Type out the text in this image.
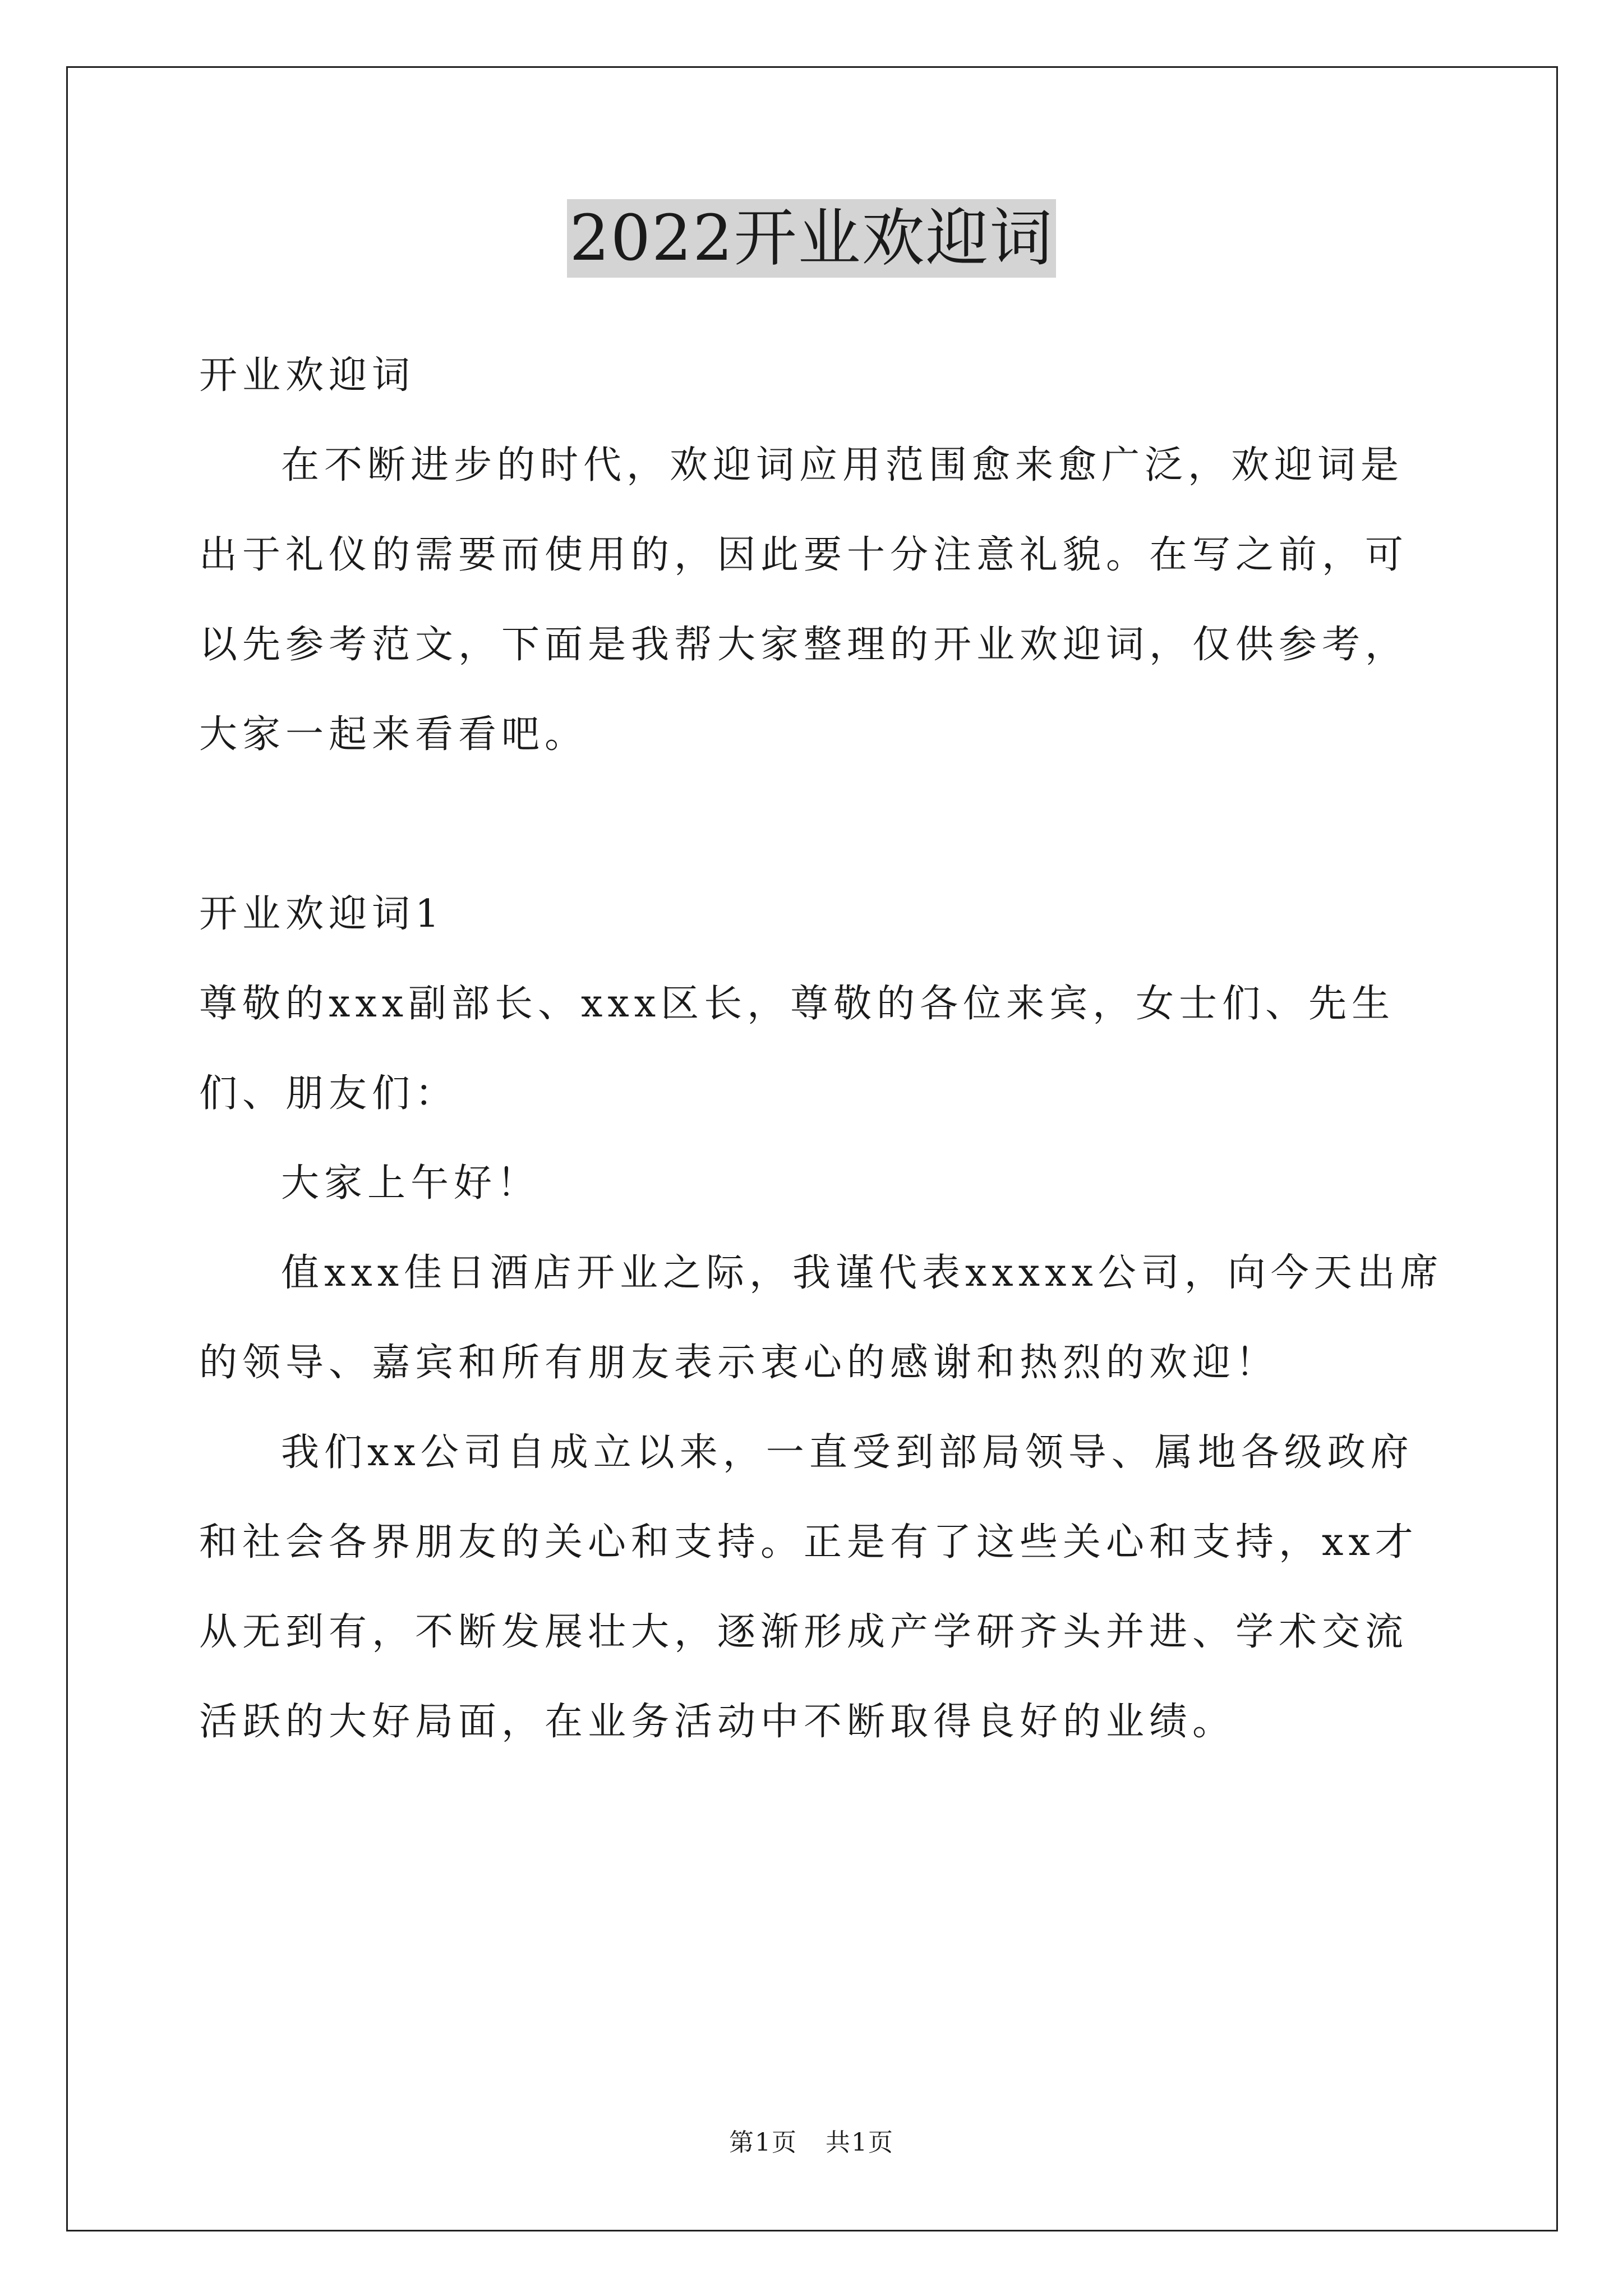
2022开业欢迎词

开业欢迎词

在不断进步的时代，欢迎词应用范围愈来愈广泛，欢迎词是出于礼仪的需要而使用的，因此要十分注意礼貌。在写之前，可以先参考范文，下面是我帮大家整理的开业欢迎词，仅供参考，大家一起来看看吧。

开业欢迎词1

尊敬的xxx副部长、xxx区长，尊敬的各位来宾，女士们、先生们、朋友们：

大家上午好！

值xxx佳日酒店开业之际，我谨代表xxxxx公司，向今天出席的领导、嘉宾和所有朋友表示衷心的感谢和热烈的欢迎！

我们xx公司自成立以来，一直受到部局领导、属地各级政府和社会各界朋友的关心和支持。正是有了这些关心和支持，xx才从无到有，不断发展壮大，逐渐形成产学研齐头并进、学术交流活跃的大好局面，在业务活动中不断取得良好的业绩。

第1页 共1页
